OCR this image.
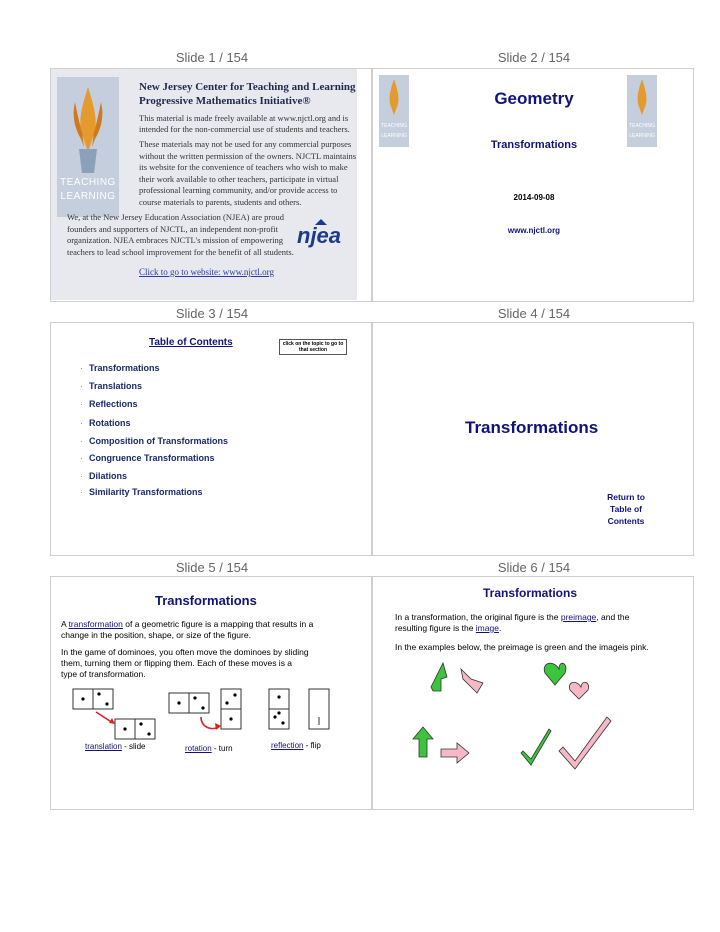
Slide 1 / 154	Slide 2 / 154
Slide 3 / 154	Slide 4 / 154
Slide 5 / 154	Slide 6 / 154
TEACHING
LEARNING
New Jersey Center for Teaching and Learning
Progressive Mathematics Initiative®
This material is made freely available at www.njctl.org and is
intended for the non-commercial use of students and teachers.
These materials may not be used for any commercial purposes
without the written permission of the owners. NJCTL maintains
its website for the convenience of teachers who wish to make
their work available to other teachers, participate in virtual
professional learning community, and/or provide access to
course materials to parents, students and others.
We, at the New Jersey Education Association (NJEA) are proud
founders and supporters of NJCTL, an independent non-profit
organization. NJEA embraces NJCTL's mission of empowering
teachers to lead school improvement for the benefit of all students.
njea
Click to go to website: www.njctl.org
TEACHING
LEARNING
TEACHING
LEARNING
Geometry
Transformations
2014-09-08
www.njctl.org
Table of Contents	click on the topic to go to that section
· Transformations
· Translations
· Reflections
· Rotations
· Composition of Transformations
· Congruence Transformations
· Dilations
· Similarity Transformations
Transformations
Return to
Table of
Contents
Transformations
A transformation of a geometric figure is a mapping that results in a
change in the position, shape, or size of the figure.
In the game of dominoes, you often move the dominoes by sliding
them, turning them or flipping them. Each of these moves is a
type of transformation.
translation - slide	rotation - turn	reflection - flip
Transformations
In a transformation, the original figure is the preimage, and the
resulting figure is the image.
In the examples below, the preimage is green and the imageis pink.
